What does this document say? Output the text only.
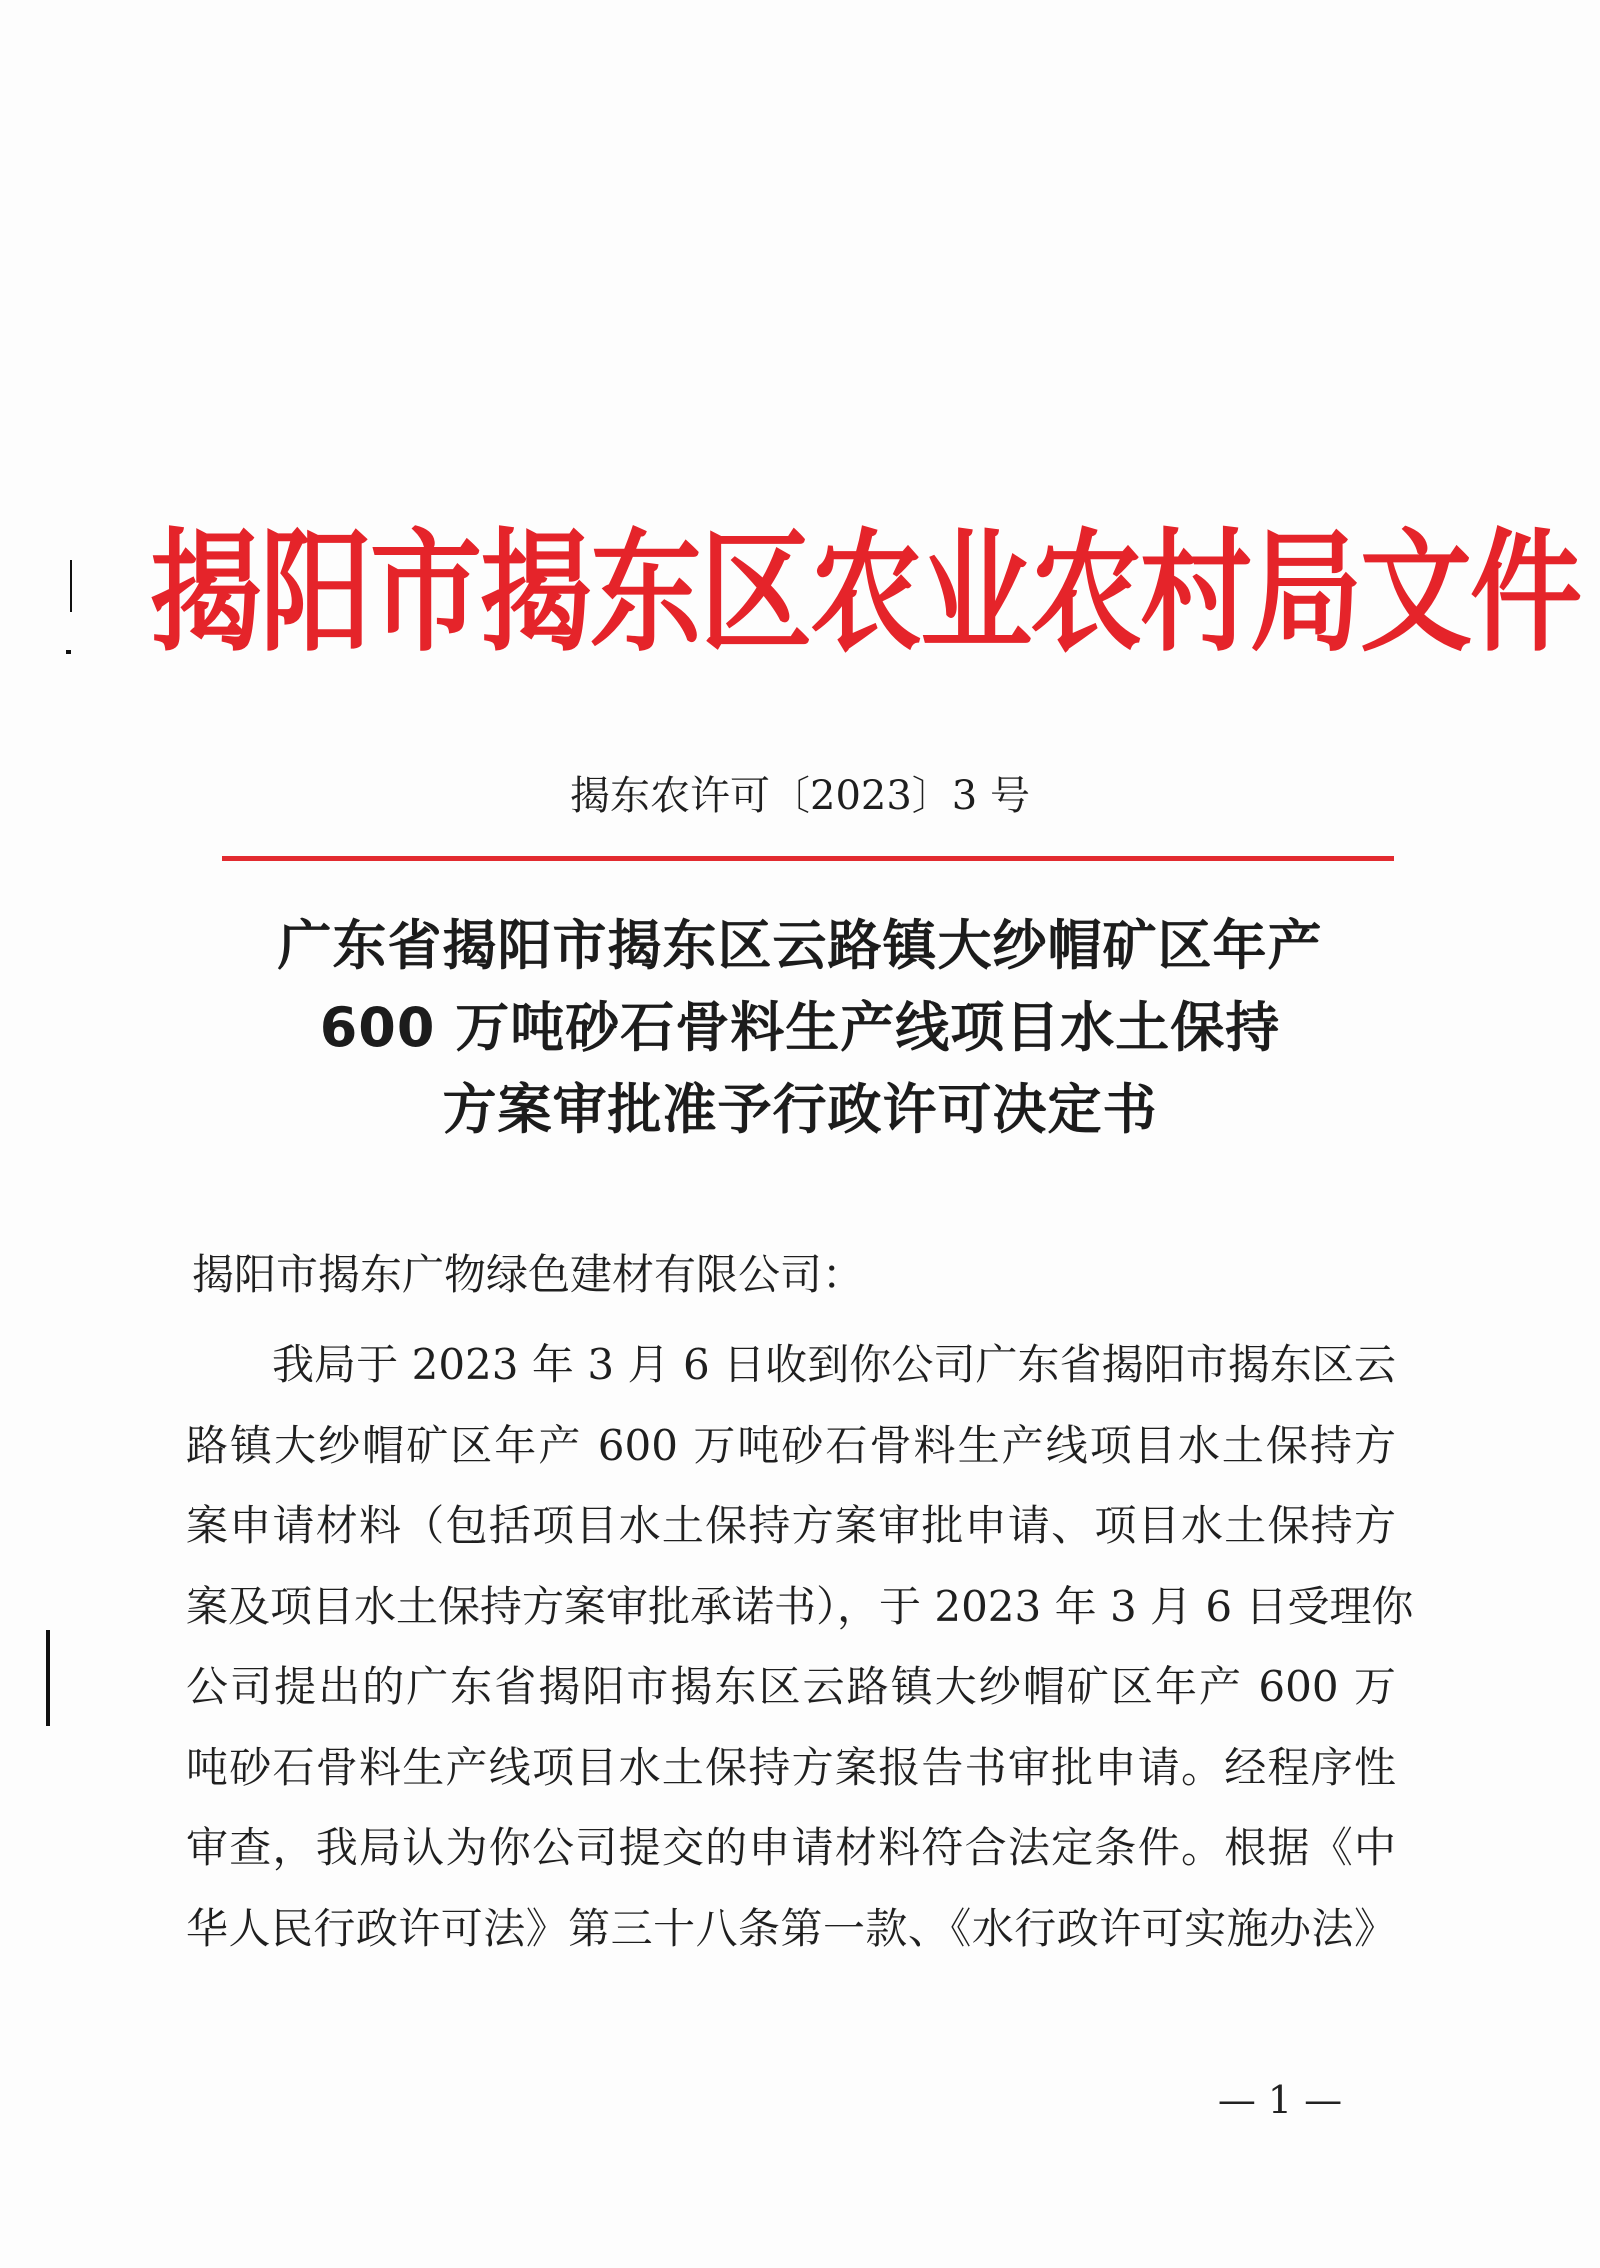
揭阳市揭东区农业农村局文件
揭东农许可〔2023〕3 号
广东省揭阳市揭东区云路镇大纱帽矿区年产
600 万吨砂石骨料生产线项目水土保持
方案审批准予行政许可决定书
揭阳市揭东广物绿色建材有限公司：
我局于 2023 年 3 月 6 日收到你公司广东省揭阳市揭东区云
路镇大纱帽矿区年产 600 万吨砂石骨料生产线项目水土保持方
案申请材料（包括项目水土保持方案审批申请、项目水土保持方
案及项目水土保持方案审批承诺书），于 2023 年 3 月 6 日受理你
公司提出的广东省揭阳市揭东区云路镇大纱帽矿区年产 600 万
吨砂石骨料生产线项目水土保持方案报告书审批申请。经程序性
审查，我局认为你公司提交的申请材料符合法定条件。根据《中
华人民行政许可法》第三十八条第一款、《水行政许可实施办法》
— 1 —
